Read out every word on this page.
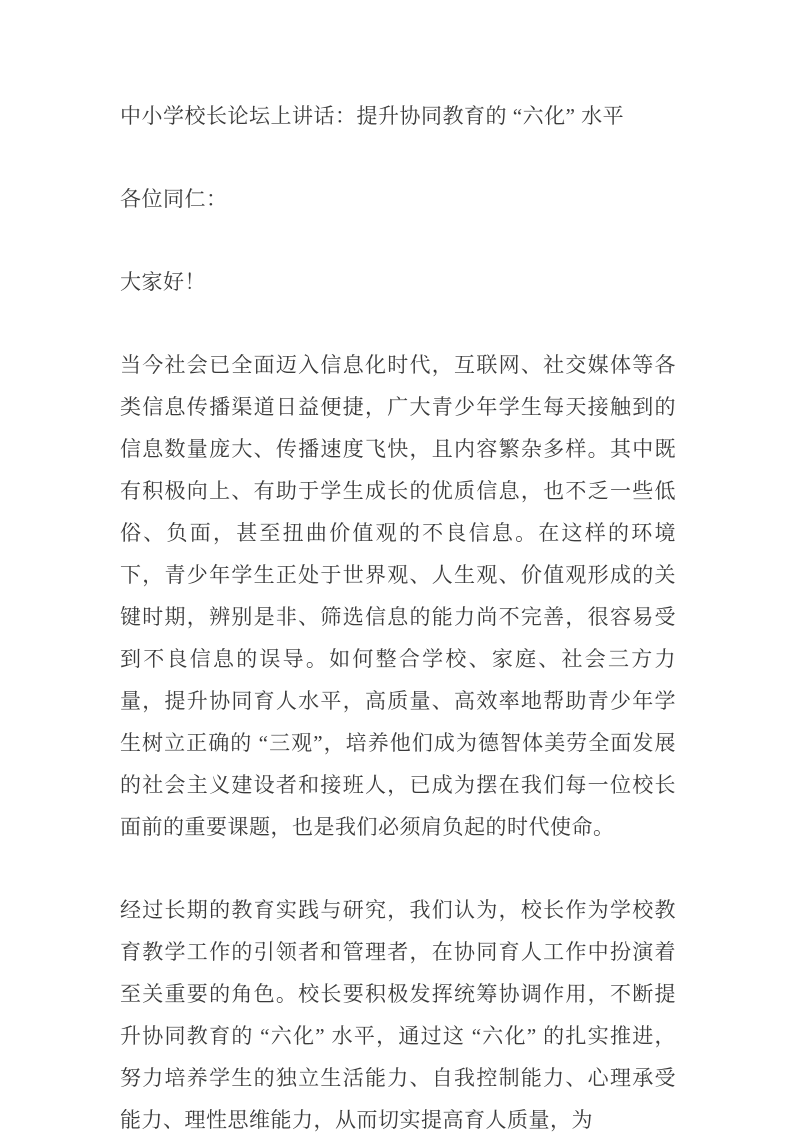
中小学校长论坛上讲话：提升协同教育的 “六化” 水平
各位同仁：
大家好！
当今社会已全面迈入信息化时代，互联网、社交媒体等各类信息传播渠道日益便捷，广大青少年学生每天接触到的信息数量庞大、传播速度飞快，且内容繁杂多样。其中既有积极向上、有助于学生成长的优质信息，也不乏一些低俗、负面，甚至扭曲价值观的不良信息。在这样的环境下，青少年学生正处于世界观、人生观、价值观形成的关键时期，辨别是非、筛选信息的能力尚不完善，很容易受到不良信息的误导。如何整合学校、家庭、社会三方力量，提升协同育人水平，高质量、高效率地帮助青少年学生树立正确的 “三观”，培养他们成为德智体美劳全面发展的社会主义建设者和接班人，已成为摆在我们每一位校长面前的重要课题，也是我们必须肩负起的时代使命。
经过长期的教育实践与研究，我们认为，校长作为学校教育教学工作的引领者和管理者，在协同育人工作中扮演着至关重要的角色。校长要积极发挥统筹协调作用，不断提升协同教育的 “六化” 水平，通过这 “六化” 的扎实推进，努力培养学生的独立生活能力、自我控制能力、心理承受能力、理性思维能力，从而切实提高育人质量，为
